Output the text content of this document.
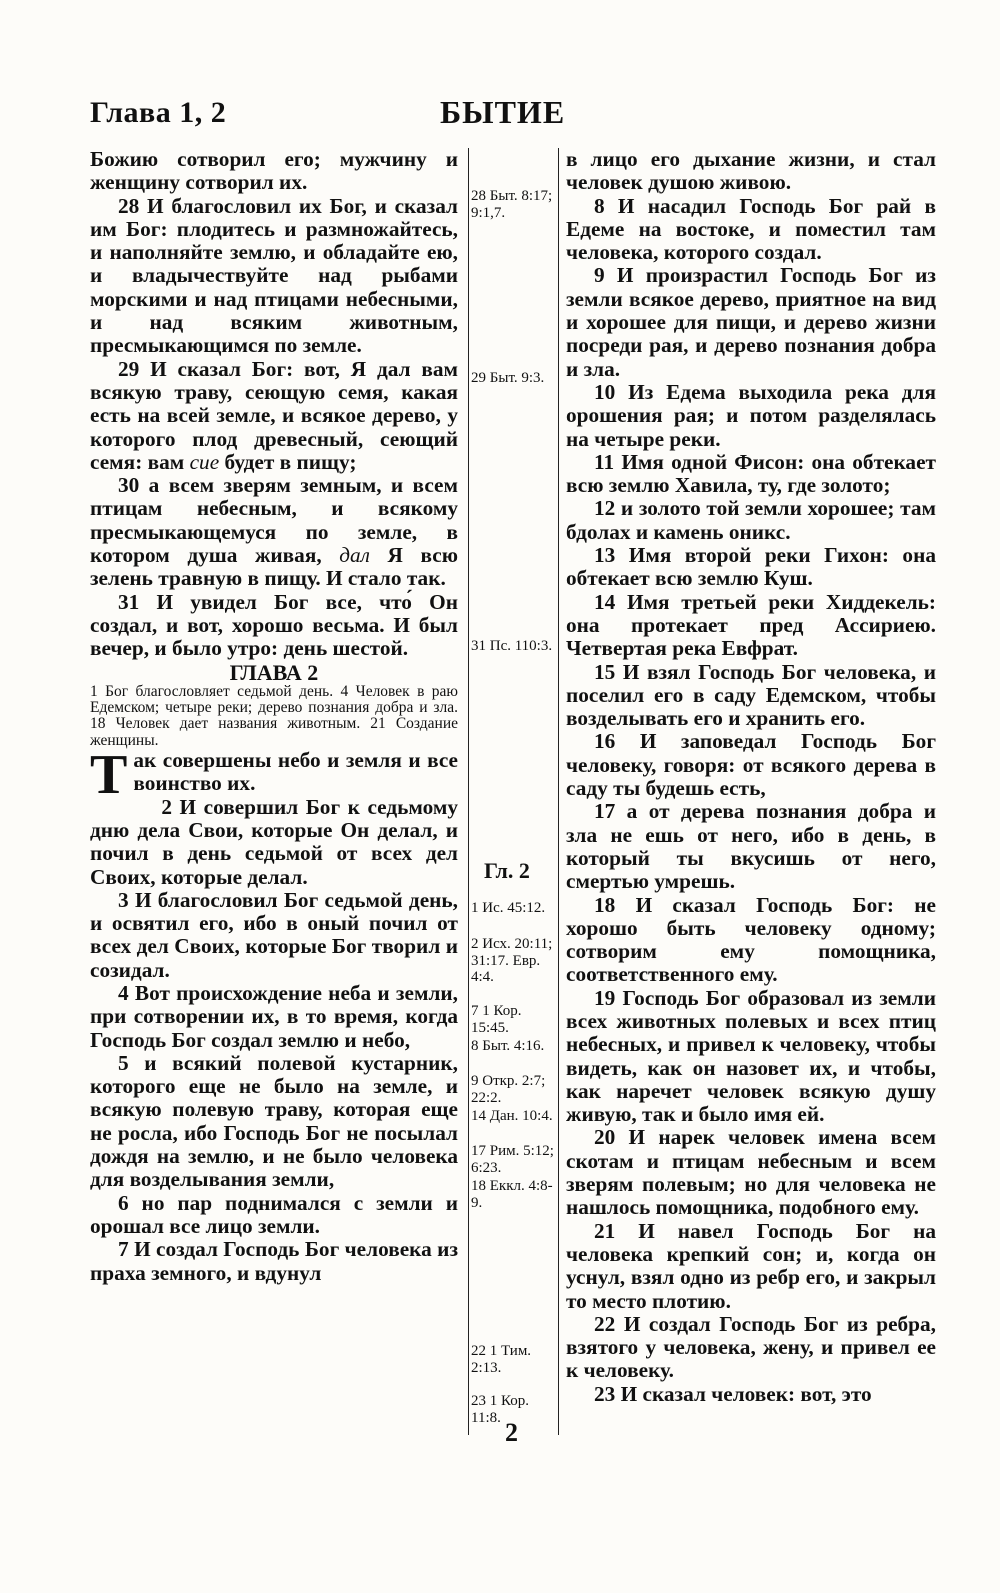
Глава 1, 2	БЫТИЕ

Божию сотворил его; мужчину и женщину сотворил их.

28 И благословил их Бог, и сказал им Бог: плодитесь и размножайтесь, и наполняйте землю, и обладайте ею, и владычествуйте над рыбами морскими и над птицами небесными, и над всяким животным, пресмыкающимся по земле.

29 И сказал Бог: вот, Я дал вам всякую траву, сеющую семя, какая есть на всей земле, и всякое дерево, у которого плод древесный, сеющий семя: вам сие будет в пищу;

30 а всем зверям земным, и всем птицам небесным, и всякому пресмыкающемуся по земле, в котором душа живая, дал Я всю зелень травную в пищу. И стало так.

31 И увидел Бог все, что́ Он создал, и вот, хорошо весьма. И был вечер, и было утро: день шестой.

ГЛАВА 2

1 Бог благословляет седьмой день. 4 Человек в раю Едемском; четыре реки; дерево познания добра и зла. 18 Человек дает названия животным. 21 Создание женщины.

Так совершены небо и земля и все воинство их.

2 И совершил Бог к седьмому дню дела Свои, которые Он делал, и почил в день седьмой от всех дел Своих, которые делал.

3 И благословил Бог седьмой день, и освятил его, ибо в оный почил от всех дел Своих, которые Бог творил и созидал.

4 Вот происхождение неба и земли, при сотворении их, в то время, когда Господь Бог создал землю и небо,

5 и всякий полевой кустарник, которого еще не было на земле, и всякую полевую траву, которая еще не росла, ибо Господь Бог не посылал дождя на землю, и не было человека для возделывания земли,

6 но пар поднимался с земли и орошал все лицо земли.

7 И создал Господь Бог человека из праха земного, и вдунул

28 Быт. 8:17; 9:1,7.
29 Быт. 9:3.
31 Пс. 110:3.
1 Ис. 45:12.
2 Исх. 20:11; 31:17. Евр. 4:4.
7 1 Кор. 15:45.
8 Быт. 4:16.
9 Откр. 2:7; 22:2.
14 Дан. 10:4.
17 Рим. 5:12; 6:23.
18 Еккл. 4:8-9.
22 1 Тим. 2:13.
23 1 Кор. 11:8.
Гл. 2

в лицо его дыхание жизни, и стал человек душою живою.

8 И насадил Господь Бог рай в Едеме на востоке, и поместил там человека, которого создал.

9 И произрастил Господь Бог из земли всякое дерево, приятное на вид и хорошее для пищи, и дерево жизни посреди рая, и дерево познания добра и зла.

10 Из Едема выходила река для орошения рая; и потом разделялась на четыре реки.

11 Имя одной Фисон: она обтекает всю землю Хавила, ту, где золото;

12 и золото той земли хорошее; там бдолах и камень оникс.

13 Имя второй реки Гихон: она обтекает всю землю Куш.

14 Имя третьей реки Хиддекель: она протекает пред Ассириею. Четвертая река Евфрат.

15 И взял Господь Бог человека, и поселил его в саду Едемском, чтобы возделывать его и хранить его.

16 И заповедал Господь Бог человеку, говоря: от всякого дерева в саду ты будешь есть,

17 а от дерева познания добра и зла не ешь от него, ибо в день, в который ты вкусишь от него, смертью умрешь.

18 И сказал Господь Бог: не хорошо быть человеку одному; сотворим ему помощника, соответственного ему.

19 Господь Бог образовал из земли всех животных полевых и всех птиц небесных, и привел к человеку, чтобы видеть, как он назовет их, и чтобы, как наречет человек всякую душу живую, так и было имя ей.

20 И нарек человек имена всем скотам и птицам небесным и всем зверям полевым; но для человека не нашлось помощника, подобного ему.

21 И навел Господь Бог на человека крепкий сон; и, когда он уснул, взял одно из ребр его, и закрыл то место плотию.

22 И создал Господь Бог из ребра, взятого у человека, жену, и привел ее к человеку.

23 И сказал человек: вот, это

2
